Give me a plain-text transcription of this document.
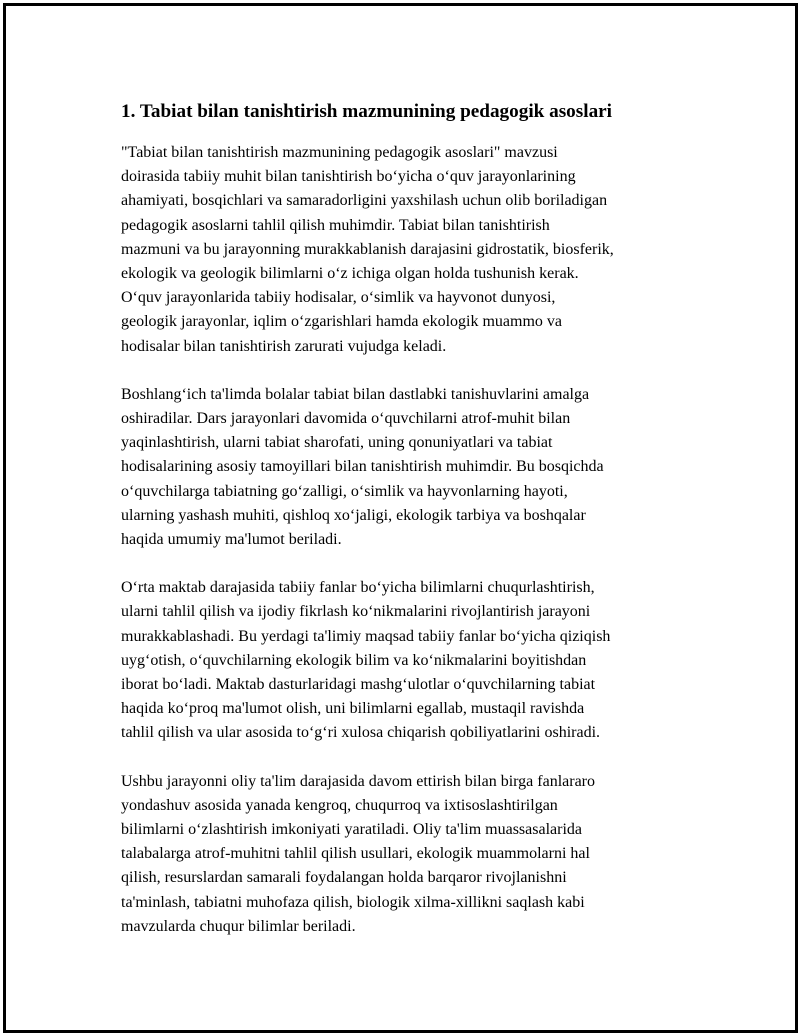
1. Tabiat bilan tanishtirish mazmunining pedagogik asoslari

"Tabiat bilan tanishtirish mazmunining pedagogik asoslari" mavzusi
doirasida tabiiy muhit bilan tanishtirish bo‘yicha o‘quv jarayonlarining
ahamiyati, bosqichlari va samaradorligini yaxshilash uchun olib boriladigan
pedagogik asoslarni tahlil qilish muhimdir. Tabiat bilan tanishtirish
mazmuni va bu jarayonning murakkablanish darajasini gidrostatik, biosferik,
ekologik va geologik bilimlarni o‘z ichiga olgan holda tushunish kerak.
O‘quv jarayonlarida tabiiy hodisalar, o‘simlik va hayvonot dunyosi,
geologik jarayonlar, iqlim o‘zgarishlari hamda ekologik muammo va
hodisalar bilan tanishtirish zarurati vujudga keladi.

Boshlang‘ich ta'limda bolalar tabiat bilan dastlabki tanishuvlarini amalga
oshiradilar. Dars jarayonlari davomida o‘quvchilarni atrof-muhit bilan
yaqinlashtirish, ularni tabiat sharofati, uning qonuniyatlari va tabiat
hodisalarining asosiy tamoyillari bilan tanishtirish muhimdir. Bu bosqichda
o‘quvchilarga tabiatning go‘zalligi, o‘simlik va hayvonlarning hayoti,
ularning yashash muhiti, qishloq xo‘jaligi, ekologik tarbiya va boshqalar
haqida umumiy ma'lumot beriladi.

O‘rta maktab darajasida tabiiy fanlar bo‘yicha bilimlarni chuqurlashtirish,
ularni tahlil qilish va ijodiy fikrlash ko‘nikmalarini rivojlantirish jarayoni
murakkablashadi. Bu yerdagi ta'limiy maqsad tabiiy fanlar bo‘yicha qiziqish
uyg‘otish, o‘quvchilarning ekologik bilim va ko‘nikmalarini boyitishdan
iborat bo‘ladi. Maktab dasturlaridagi mashg‘ulotlar o‘quvchilarning tabiat
haqida ko‘proq ma'lumot olish, uni bilimlarni egallab, mustaqil ravishda
tahlil qilish va ular asosida to‘g‘ri xulosa chiqarish qobiliyatlarini oshiradi.

Ushbu jarayonni oliy ta'lim darajasida davom ettirish bilan birga fanlararo
yondashuv asosida yanada kengroq, chuqurroq va ixtisoslashtirilgan
bilimlarni o‘zlashtirish imkoniyati yaratiladi. Oliy ta'lim muassasalarida
talabalarga atrof-muhitni tahlil qilish usullari, ekologik muammolarni hal
qilish, resurslardan samarali foydalangan holda barqaror rivojlanishni
ta'minlash, tabiatni muhofaza qilish, biologik xilma-xillikni saqlash kabi
mavzularda chuqur bilimlar beriladi.
